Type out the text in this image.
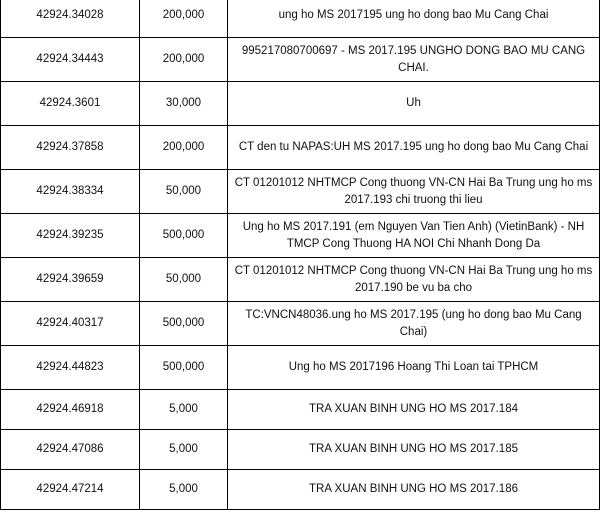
42924.34028	200,000	ung ho MS 2017195 ung ho dong bao Mu Cang Chai
42924.34443	200,000	995217080700697 - MS 2017.195 UNGHO DONG BAO MU CANG CHAI.
42924.3601	30,000	Uh
42924.37858	200,000	CT den tu NAPAS:UH MS 2017.195 ung ho dong bao Mu Cang Chai
42924.38334	50,000	CT 01201012 NHTMCP Cong thuong VN-CN Hai Ba Trung ung ho ms 2017.193 chi truong thi lieu
42924.39235	500,000	Ung ho MS 2017.191 (em Nguyen Van Tien Anh) (VietinBank) - NH TMCP Cong Thuong HA NOI Chi Nhanh Dong Da
42924.39659	50,000	CT 01201012 NHTMCP Cong thuong VN-CN Hai Ba Trung ung ho ms 2017.190 be vu ba cho
42924.40317	500,000	TC:VNCN48036.ung ho MS 2017.195 (ung ho dong bao Mu Cang Chai)
42924.44823	500,000	Ung ho MS 2017196 Hoang Thi Loan tai TPHCM
42924.46918	5,000	TRA XUAN BINH UNG HO MS 2017.184
42924.47086	5,000	TRA XUAN BINH UNG HO MS 2017.185
42924.47214	5,000	TRA XUAN BINH UNG HO MS 2017.186
